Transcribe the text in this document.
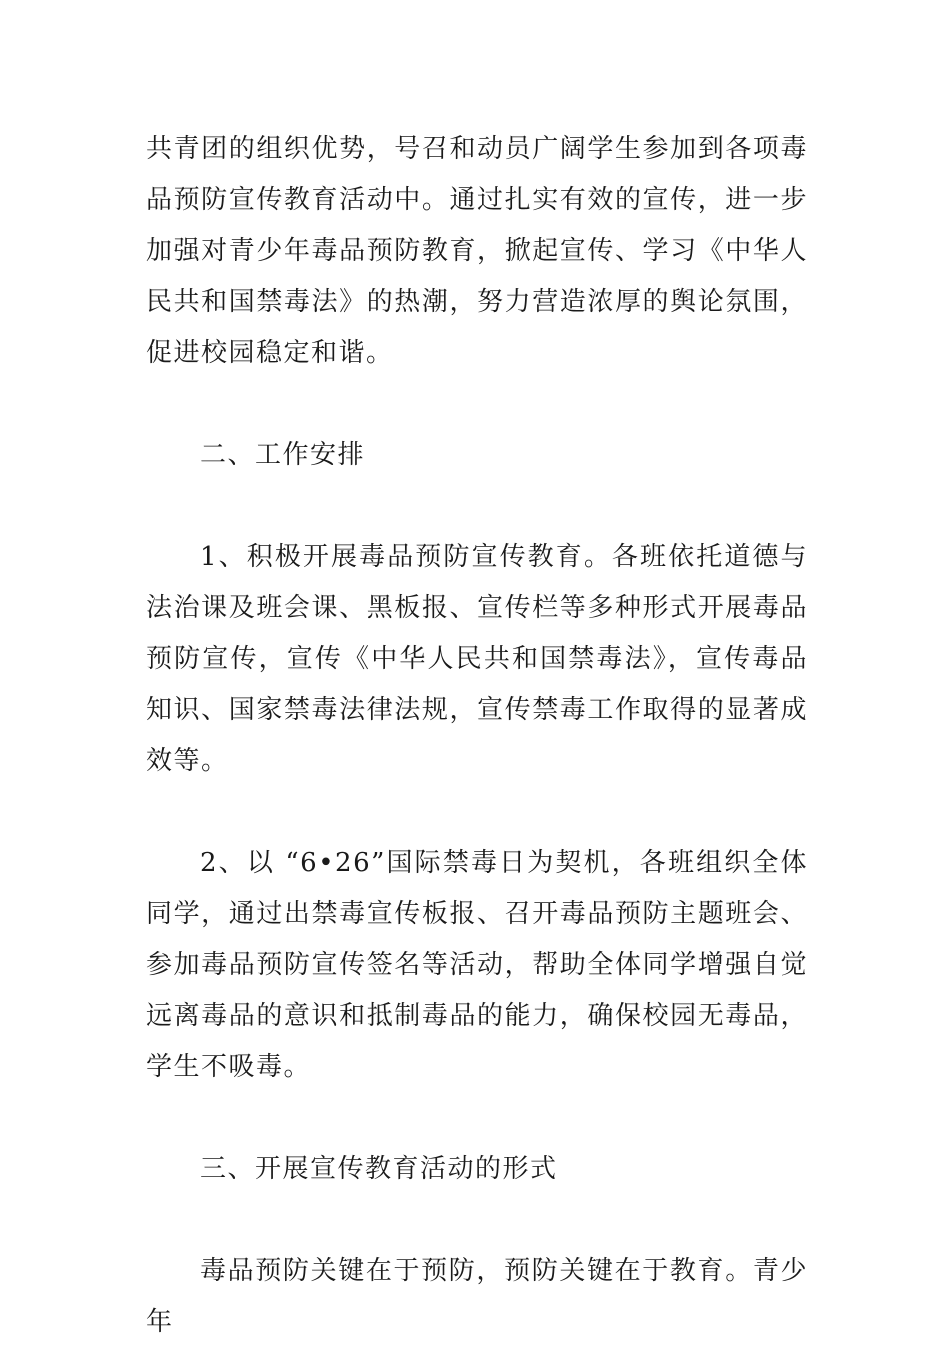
共青团的组织优势，号召和动员广阔学生参加到各项毒品预防宣传教育活动中。通过扎实有效的宣传，进一步加强对青少年毒品预防教育，掀起宣传、学习《中华人民共和国禁毒法》的热潮，努力营造浓厚的舆论氛围，促进校园稳定和谐。

二、工作安排

1、积极开展毒品预防宣传教育。各班依托道德与法治课及班会课、黑板报、宣传栏等多种形式开展毒品预防宣传，宣传《中华人民共和国禁毒法》，宣传毒品知识、国家禁毒法律法规，宣传禁毒工作取得的显著成效等。

2、以 “6•26”国际禁毒日为契机，各班组织全体同学，通过出禁毒宣传板报、召开毒品预防主题班会、参加毒品预防宣传签名等活动，帮助全体同学增强自觉远离毒品的意识和抵制毒品的能力，确保校园无毒品，学生不吸毒。

三、开展宣传教育活动的形式

毒品预防关键在于预防，预防关键在于教育。青少年
